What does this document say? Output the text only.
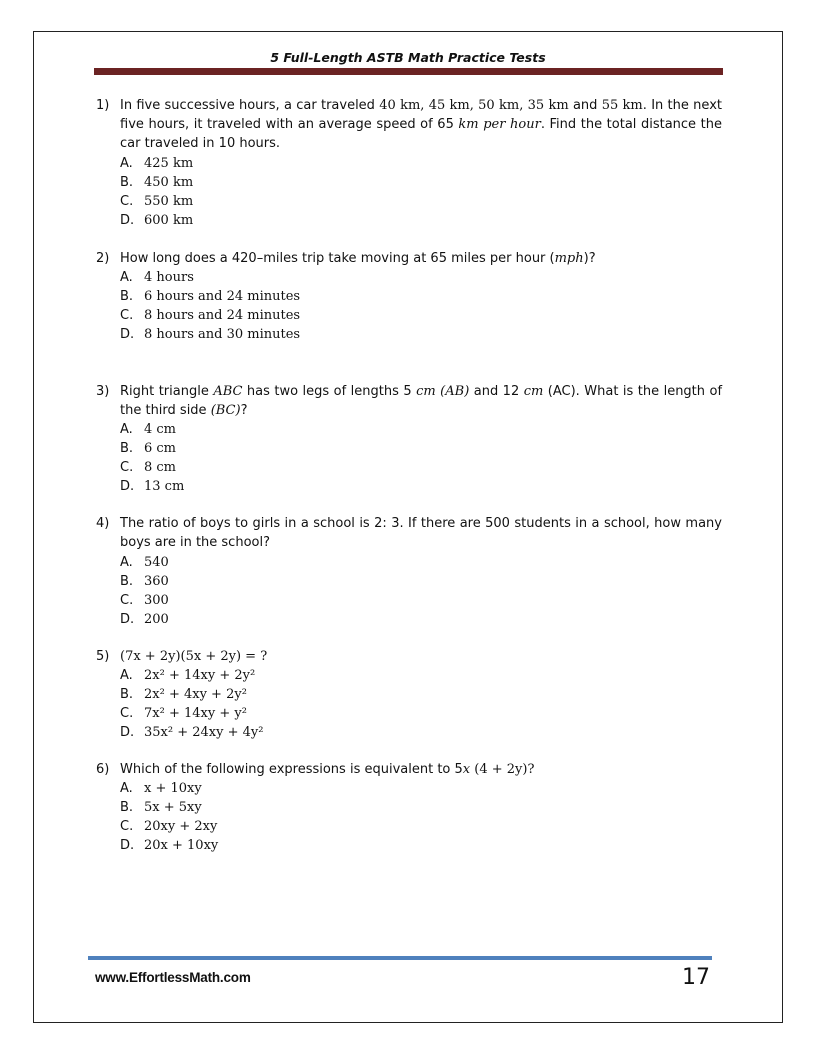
5 Full-Length ASTB Math Practice Tests
1) In five successive hours, a car traveled 40 km, 45 km, 50 km, 35 km and 55 km. In the next five hours, it traveled with an average speed of 65 km per hour. Find the total distance the car traveled in 10 hours.
A. 425 km
B. 450 km
C. 550 km
D. 600 km
2) How long does a 420–miles trip take moving at 65 miles per hour (mph)?
A. 4 hours
B. 6 hours and 24 minutes
C. 8 hours and 24 minutes
D. 8 hours and 30 minutes
3) Right triangle ABC has two legs of lengths 5 cm (AB) and 12 cm (AC). What is the length of the third side (BC)?
A. 4 cm
B. 6 cm
C. 8 cm
D. 13 cm
4) The ratio of boys to girls in a school is 2: 3. If there are 500 students in a school, how many boys are in the school?
A. 540
B. 360
C. 300
D. 200
5) (7x + 2y)(5x + 2y) = ?
A. 2x² + 14xy + 2y²
B. 2x² + 4xy + 2y²
C. 7x² + 14xy + y²
D. 35x² + 24xy + 4y²
6) Which of the following expressions is equivalent to 5x (4 + 2y)?
A. x + 10xy
B. 5x + 5xy
C. 20xy + 2xy
D. 20x + 10xy
www.EffortlessMath.com	17
